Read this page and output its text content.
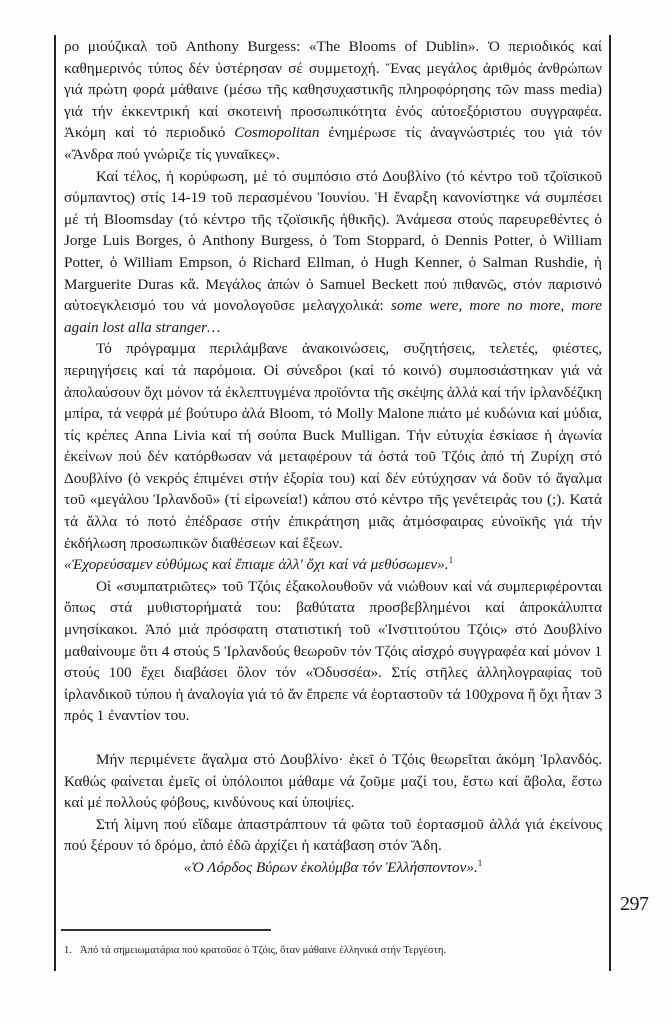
ρο μιούζικαλ τοῦ Anthony Burgess: «The Blooms of Dublin». Ὁ περιοδικός καί καθημερινός τύπος δέν ὑστέρησαν σέ συμμετοχή. Ἕνας μεγάλος ἀριθμός ἀνθρώπων γιά πρώτη φορά μάθαινε (μέσω τῆς καθησυχαστικῆς πληροφόρησης τῶν mass media) γιά τήν ἐκκεντρική καί σκοτεινή προσωπικότητα ἑνός αὐτοεξόριστου συγγραφέα. Ἀκόμη καί τό περιοδικό Cosmopolitan ἐνημέρωσε τίς ἀναγνώστριές του γιά τόν «Ἄνδρα πού γνώριζε τίς γυναῖκες».

Καί τέλος, ἡ κορύφωση, μέ τό συμπόσιο στό Δουβλίνο (τό κέντρο τοῦ τζοϊσικοῦ σύμπαντος) στίς 14-19 τοῦ περασμένου Ἰουνίου. Ἡ ἔναρξη κανονίστηκε νά συμπέσει μέ τή Bloomsday (τό κέντρο τῆς τζοϊσικῆς ἠθικῆς). Ἀνάμεσα στούς παρευρεθέντες ὁ Jorge Luis Borges, ὁ Anthony Burgess, ὁ Tom Stoppard, ὁ Dennis Potter, ὁ William Potter, ὁ William Empson, ὁ Richard Ellman, ὁ Hugh Kenner, ὁ Salman Rushdie, ἡ Marguerite Duras κἄ. Μεγάλος ἀπών ὁ Samuel Beckett πού πιθανῶς, στόν παρισινό αὐτοεγκλεισμό του νά μονολογοῦσε μελαγχολικά: some were, more no more, more again lost alla stranger…

Τό πρόγραμμα περιλάμβανε ἀνακοινώσεις, συζητήσεις, τελετές, φιέστες, περιηγήσεις καί τά παρόμοια. Οἱ σύνεδροι (καί τό κοινό) συμποσιάστηκαν γιά νά ἀπολαύσουν ὄχι μόνον τά ἐκλεπτυγμένα προϊόντα τῆς σκέψης ἀλλά καί τήν ἰρλανδέζικη μπίρα, τά νεφρά μέ βούτυρο ἀλά Bloom, τό Molly Malone πιάτο μέ κυδώνια καί μύδια, τίς κρέπες Anna Livia καί τή σούπα Buck Mulligan. Τήν εὐτυχία ἐσκίασε ἡ ἀγωνία ἐκείνων πού δέν κατόρθωσαν νά μεταφέρουν τά ὀστά τοῦ Τζόις ἀπό τή Ζυρίχη στό Δουβλίνο (ὁ νεκρός ἐπιμένει στήν ἐξορία του) καί δέν εὐτύχησαν νά δοῦν τό ἄγαλμα τοῦ «μεγάλου Ἰρλανδοῦ» (τί εἰρωνεία!) κάπου στό κέντρο τῆς γενέτειράς του (;). Κατά τά ἄλλα τό ποτό ἐπέδρασε στήν ἐπικράτηση μιᾶς ἀτμόσφαιρας εὐνοϊκῆς γιά τήν ἐκδήλωση προσωπικῶν διαθέσεων καί ἕξεων.

«Ἐχορεύσαμεν εὐθύμως καί ἔπιαμε ἀλλ' ὄχι καί νά μεθύσωμεν».$^1$

Οἱ «συμπατριῶτες» τοῦ Τζόις ἐξακολουθοῦν νά νιώθουν καί νά συμπεριφέρονται ὅπως στά μυθιστορήματά του: βαθύτατα προσβεβλημένοι καί ἀπροκάλυπτα μνησίκακοι. Ἀπό μιά πρόσφατη στατιστική τοῦ «Ἰνστιτούτου Τζόις» στό Δουβλίνο μαθαίνουμε ὅτι 4 στούς 5 Ἰρλανδούς θεωροῦν τόν Τζόις αἰσχρό συγγραφέα καί μόνον 1 στούς 100 ἔχει διαβάσει ὅλον τόν «Ὀδυσσέα». Στίς στῆλες ἀλληλογραφίας τοῦ ἰρλανδικοῦ τύπου ἡ ἀναλογία γιά τό ἄν ἔπρεπε νά ἑορταστοῦν τά 100χρονα ἤ ὄχι ἦταν 3 πρός 1 ἐναντίον του.

Μήν περιμένετε ἄγαλμα στό Δουβλίνο· ἐκεῖ ὁ Τζόις θεωρεῖται ἀκόμη Ἰρλανδός. Καθώς φαίνεται ἐμεῖς οἱ ὑπόλοιποι μάθαμε νά ζοῦμε μαζί του, ἔστω καί ἄβολα, ἔστω καί μέ πολλούς φόβους, κινδύνους καί ὑποψίες.

Στή λίμνη πού εἴδαμε ἀπαστράπτουν τά φῶτα τοῦ ἑορτασμοῦ ἀλλά γιά ἐκείνους πού ξέρουν τό δρόμο, ἀπό ἐδῶ ἀρχίζει ἡ κατάβαση στόν Ἅδη.

«Ὁ Λόρδος Βύρων ἐκολύμβα τόν Ἑλλήσποντον».$^1$

297
1. Ἀπό τά σημειωματάρια πού κρατοῦσε ὁ Τζόις, ὅταν μάθαινε ἑλληνικά στήν Τεργέστη.
